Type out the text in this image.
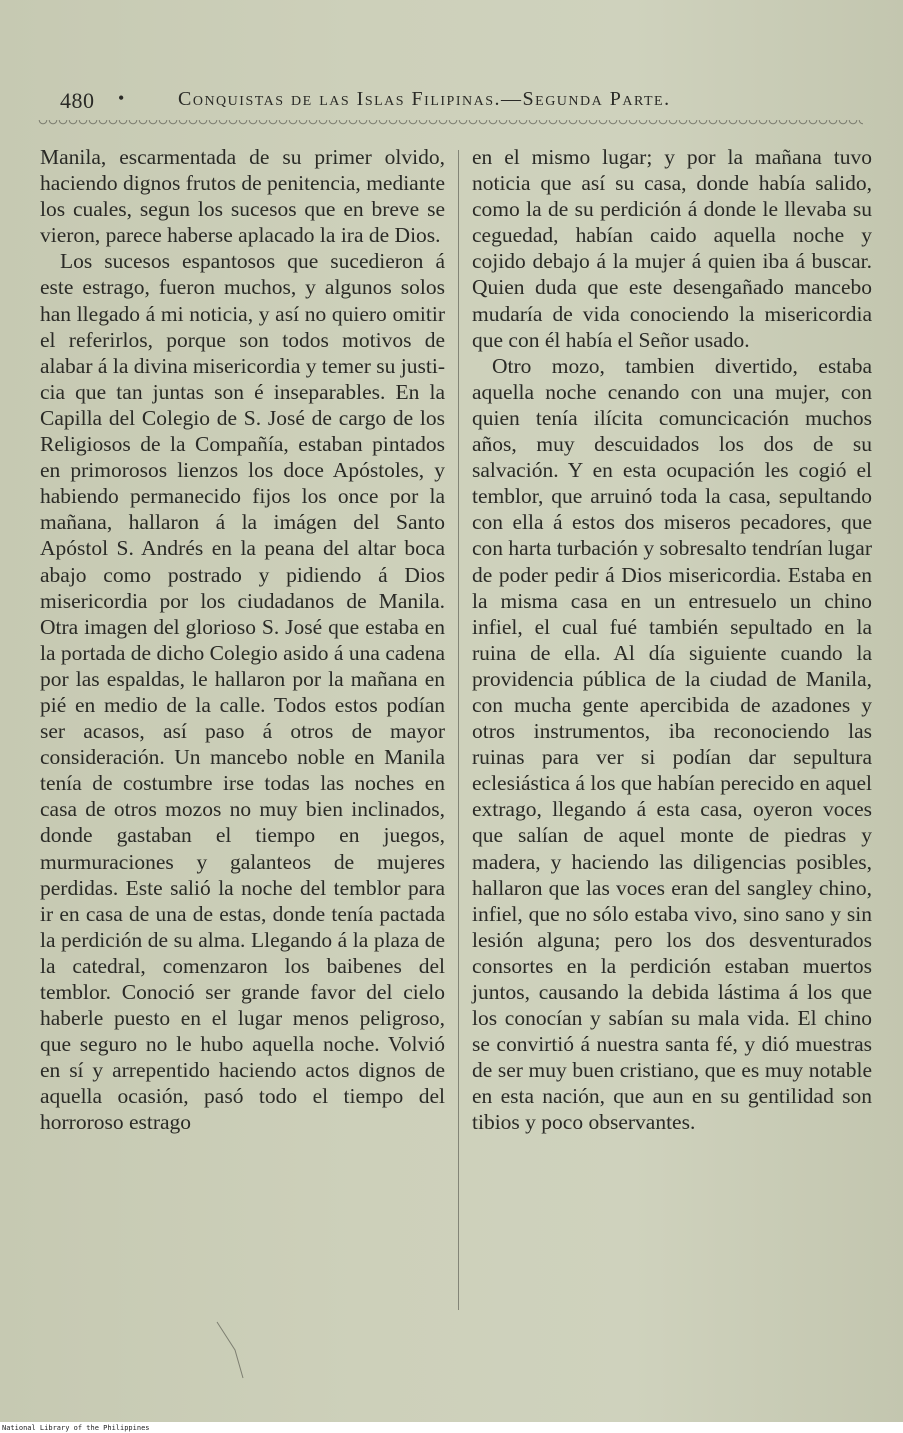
480 •	Conquistas de las Islas Filipinas.—Segunda Parte.

Manila, escarmentada de su primer olvido, haciendo dignos frutos de penitencia, mediante los cuales, segun los sucesos que en breve se vieron, parece haberse aplacado la ira de Dios.

Los sucesos espantosos que sucedieron á este estrago, fueron muchos, y algunos solos han llegado á mi noticia, y así no quiero omitir el referirlos, porque son todos motivos de alabar á la divina misericordia y temer su justicia que tan juntas son é inseparables. En la Capilla del Colegio de S. José de cargo de los Religiosos de la Compañía, estaban pintados en primorosos lienzos los doce Apóstoles, y habiendo permanecido fijos los once por la mañana, hallaron á la imágen del Santo Apóstol S. Andrés en la peana del altar boca abajo como postrado y pidiendo á Dios misericordia por los ciudadanos de Manila. Otra imagen del glorioso S. José que estaba en la portada de dicho Colegio asido á una cadena por las espaldas, le hallaron por la mañana en pié en medio de la calle. Todos estos podían ser acasos, así paso á otros de mayor consideración. Un mancebo noble en Manila tenía de costumbre irse todas las noches en casa de otros mozos no muy bien inclinados, donde gastaban el tiempo en juegos, murmuraciones y galanteos de mujeres perdidas. Este salió la noche del temblor para ir en casa de una de estas, donde tenía pactada la perdición de su alma. Llegando á la plaza de la catedral, comenzaron los baibenes del temblor. Conoció ser grande favor del cielo haberle puesto en el lugar menos peligroso, que seguro no le hubo aquella noche. Volvió en sí y arrepentido haciendo actos dignos de aquella ocasión, pasó todo el tiempo del horroroso estrago

en el mismo lugar; y por la mañana tuvo noticia que así su casa, donde había salido, como la de su perdición á donde le llevaba su ceguedad, habían caido aquella noche y cojido debajo á la mujer á quien iba á buscar. Quien duda que este desengañado mancebo mudaría de vida conociendo la misericordia que con él había el Señor usado.

Otro mozo, tambien divertido, estaba aquella noche cenando con una mujer, con quien tenía ilícita comuncicación muchos años, muy descuidados los dos de su salvación. Y en esta ocupación les cogió el temblor, que arruinó toda la casa, sepultando con ella á estos dos miseros pecadores, que con harta turbación y sobresalto tendrían lugar de poder pedir á Dios misericordia. Estaba en la misma casa en un entresuelo un chino infiel, el cual fué también sepultado en la ruina de ella. Al día siguiente cuando la providencia pública de la ciudad de Manila, con mucha gente apercibida de azadones y otros instrumentos, iba reconociendo las ruinas para ver si podían dar sepultura eclesiástica á los que habían perecido en aquel extrago, llegando á esta casa, oyeron voces que salían de aquel monte de piedras y madera, y haciendo las diligencias posibles, hallaron que las voces eran del sangley chino, infiel, que no sólo estaba vivo, sino sano y sin lesión alguna; pero los dos desventurados consortes en la perdición estaban muertos juntos, causando la debida lástima á los que los conocían y sabían su mala vida. El chino se convirtió á nuestra santa fé, y dió muestras de ser muy buen cristiano, que es muy notable en esta nación, que aun en su gentilidad son tibios y poco observantes.

National Library of the Philippines
